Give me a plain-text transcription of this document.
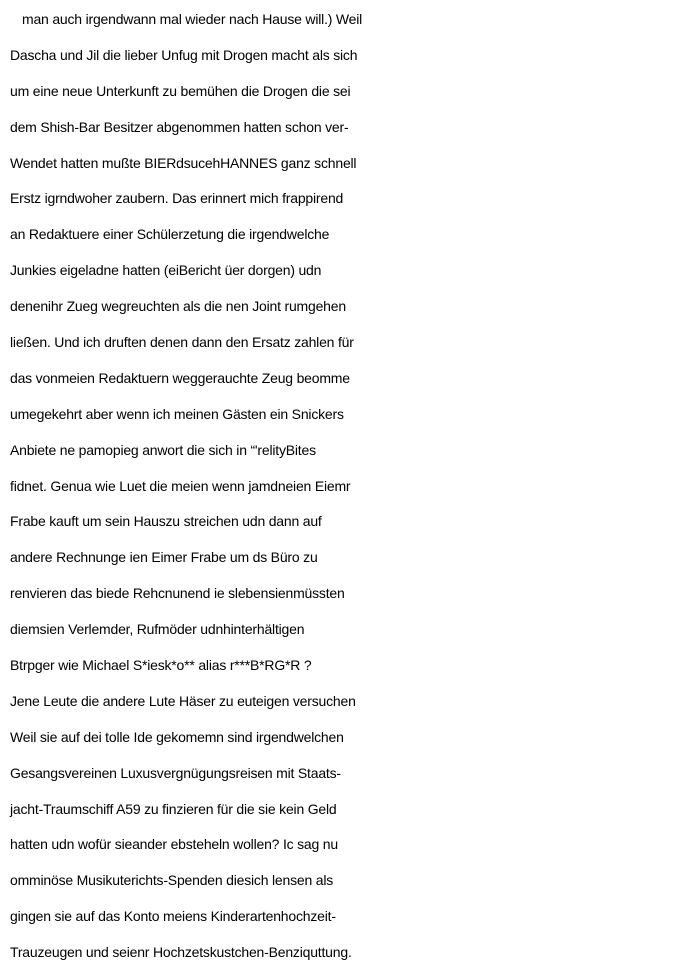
man auch irgendwann mal wieder nach Hause will.) Weil
Dascha und Jil die lieber Unfug mit Drogen macht als sich
um eine neue Unterkunft zu bemühen die Drogen die sei
dem Shish-Bar Besitzer abgenommen hatten schon ver-
Wendet hatten mußte BIERdsucehHANNES ganz schnell
Erstz igrndwoher zaubern. Das erinnert mich frappirend
an Redaktuere einer Schülerzetung die irgendwelche
Junkies eigeladne hatten (eiBericht üer dorgen) udn
denenihr Zueg wegreuchten als die nen Joint rumgehen
ließen. Und ich druften denen dann den Ersatz zahlen für
das vonmeien Redaktuern weggerauchte Zeug beomme
umegekehrt aber wenn ich meinen Gästen ein Snickers
Anbiete ne pamopieg anwort die sich in “'relityBites
fidnet. Genua wie Luet die meien wenn jamdneien Eiemr
Frabe kauft um sein Hauszu streichen udn dann auf
andere Rechnunge ien Eimer Frabe um ds Büro zu
renvieren das biede Rehcnunend ie slebensienmüssten
diemsien Verlemder, Rufmöder udnhinterhältigen
Btrpger wie Michael S*iesk*o** alias r***B*RG*R ?
Jene Leute die andere Lute Häser zu euteigen versuchen
Weil sie auf dei tolle Ide gekomemn sind irgendwelchen
Gesangsvereinen Luxusvergnügungsreisen mit Staats-
jacht-Traumschiff A59 zu finzieren für die sie kein Geld
hatten udn wofür sieander ebsteheln wollen? Ic sag nu
omminöse Musikuterichts-Spenden diesich lensen als
gingen sie auf das Konto meiens Kinderartenhochzeit-
Trauzeugen und seienr Hochzetskustchen-Benziquttung.
